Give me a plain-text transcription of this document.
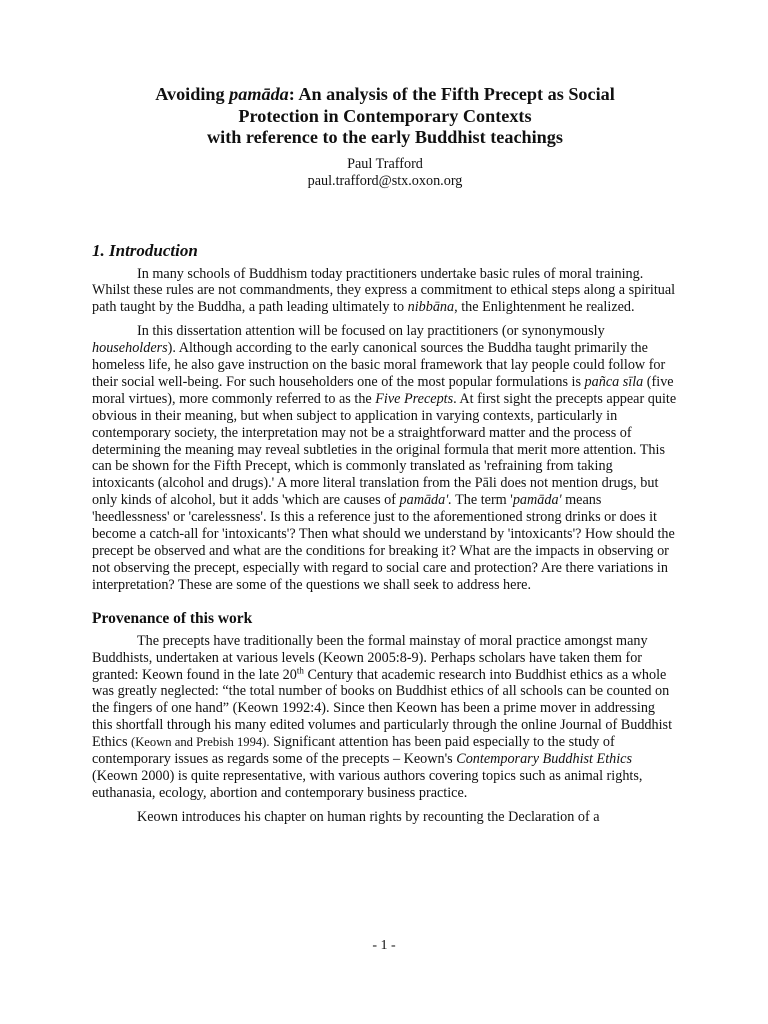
Avoiding pamāda: An analysis of the Fifth Precept as Social
Protection in Contemporary Contexts
with reference to the early Buddhist teachings
Paul Trafford
paul.trafford@stx.oxon.org
1. Introduction

In many schools of Buddhism today practitioners undertake basic rules of moral training. Whilst these rules are not commandments, they express a commitment to ethical steps along a spiritual path taught by the Buddha, a path leading ultimately to nibbāna, the Enlightenment he realized.

In this dissertation attention will be focused on lay practitioners (or synonymously householders). Although according to the early canonical sources the Buddha taught primarily the homeless life, he also gave instruction on the basic moral framework that lay people could follow for their social well-being. For such householders one of the most popular formulations is pañca sīla (five moral virtues), more commonly referred to as the Five Precepts. At first sight the precepts appear quite obvious in their meaning, but when subject to application in varying contexts, particularly in contemporary society, the interpretation may not be a straightforward matter and the process of determining the meaning may reveal subtleties in the original formula that merit more attention. This can be shown for the Fifth Precept, which is commonly translated as 'refraining from taking intoxicants (alcohol and drugs).' A more literal translation from the Pāli does not mention drugs, but only kinds of alcohol, but it adds 'which are causes of pamāda'. The term 'pamāda' means 'heedlessness' or 'carelessness'. Is this a reference just to the aforementioned strong drinks or does it become a catch-all for 'intoxicants'? Then what should we understand by 'intoxicants'? How should the precept be observed and what are the conditions for breaking it? What are the impacts in observing or not observing the precept, especially with regard to social care and protection? Are there variations in interpretation? These are some of the questions we shall seek to address here.

Provenance of this work

The precepts have traditionally been the formal mainstay of moral practice amongst many Buddhists, undertaken at various levels (Keown 2005:8-9). Perhaps scholars have taken them for granted: Keown found in the late 20th Century that academic research into Buddhist ethics as a whole was greatly neglected: “the total number of books on Buddhist ethics of all schools can be counted on the fingers of one hand” (Keown 1992:4). Since then Keown has been a prime mover in addressing this shortfall through his many edited volumes and particularly through the online Journal of Buddhist Ethics (Keown and Prebish 1994). Significant attention has been paid especially to the study of contemporary issues as regards some of the precepts – Keown's Contemporary Buddhist Ethics (Keown 2000) is quite representative, with various authors covering topics such as animal rights, euthanasia, ecology, abortion and contemporary business practice.

Keown introduces his chapter on human rights by recounting the Declaration of a

- 1 -
